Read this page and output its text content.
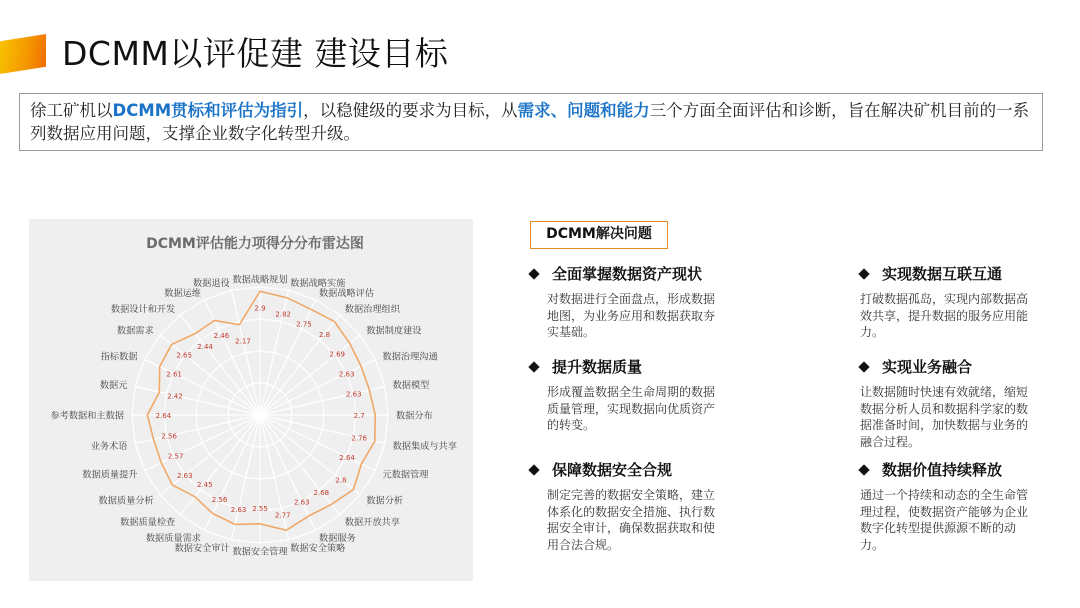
DCMM以评促建 建设目标
徐工矿机以DCMM贯标和评估为指引，以稳健级的要求为目标，从需求、问题和能力三个方面全面评估和诊断，旨在解决矿机目前的一系列数据应用问题，支撑企业数字化转型升级。
DCMM评估能力项得分分布雷达图
2.9
2.82
2.75
2.8
2.69
2.63
2.63
2.7
2.76
2.64
2.8
2.68
2.63
2.77
2.55
2.63
2.56
2.45
2.63
2.57
2.56
2.64
2.42
2.61
2.65
2.44
2.46
2.17
数据战略规划 数据战略实施
数据战略评估
数据治理组织
数据制度建设
数据治理沟通
数据模型
数据分布
数据集成与共享
元数据管理
数据分析
数据开放共享
数据服务
数据安全策略
数据安全管理
数据安全审计
数据质量需求
数据质量检查
数据质量分析
数据质量提升
业务术语
参考数据和主数据
数据元
指标数据
数据需求
数据设计和开发
数据运维
数据退役
DCMM解决问题
全面掌握数据资产现状
对数据进行全面盘点，形成数据地图，为业务应用和数据获取夯实基础。
提升数据质量
形成覆盖数据全生命周期的数据质量管理，实现数据向优质资产的转变。
保障数据安全合规
制定完善的数据安全策略，建立体系化的数据安全措施、执行数据安全审计，确保数据获取和使用合法合规。
实现数据互联互通
打破数据孤岛，实现内部数据高效共享，提升数据的服务应用能力。
实现业务融合
让数据随时快速有效就绪，缩短数据分析人员和数据科学家的数据准备时间，加快数据与业务的融合过程。
数据价值持续释放
通过一个持续和动态的全生命管理过程，使数据资产能够为企业数字化转型提供源源不断的动力。
